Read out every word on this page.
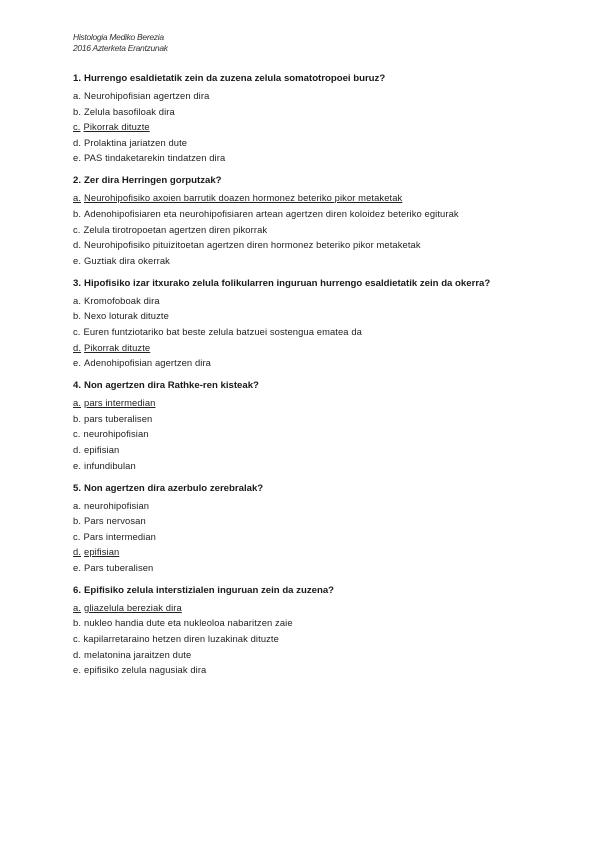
Histologia Mediko Berezia
2016 Azterketa Erantzunak
1. Hurrengo esaldietatik zein da zuzena zelula somatotropoei buruz?
a. Neurohipofisian agertzen dira
b. Zelula basofiloak dira
c. Pikorrak dituzte
d. Prolaktina jariatzen dute
e. PAS tindaketarekin tindatzen dira
2. Zer dira Herringen gorputzak?
a. Neurohipofisiko axoien barrutik doazen hormonez beteriko pikor metaketak
b. Adenohipofisiaren eta neurohipofisiaren artean agertzen diren koloidez beteriko egiturak
c. Zelula tirotropoetan agertzen diren pikorrak
d. Neurohipofisiko pituizitoetan agertzen diren hormonez beteriko pikor metaketak
e. Guztiak dira okerrak
3. Hipofisiko izar itxurako zelula folikularren inguruan hurrengo esaldietatik zein da okerra?
a. Kromofoboak dira
b. Nexo loturak dituzte
c. Euren funtziotariko bat beste zelula batzuei sostengua ematea da
d. Pikorrak dituzte
e. Adenohipofisian agertzen dira
4. Non agertzen dira Rathke-ren kisteak?
a. pars intermedian
b. pars tuberalisen
c. neurohipofisian
d. epifisian
e. infundibulan
5. Non agertzen dira azerbulo zerebralak?
a. neurohipofisian
b. Pars nervosan
c. Pars intermedian
d. epifisian
e. Pars tuberalisen
6. Epifisiko zelula interstizialen inguruan zein da zuzena?
a. gliazelula bereziak dira
b. nukleo handia dute eta nukleoloa nabaritzen zaie
c. kapilarretaraino hetzen diren luzakinak dituzte
d. melatonina jaraitzen dute
e. epifisiko zelula nagusiak dira
